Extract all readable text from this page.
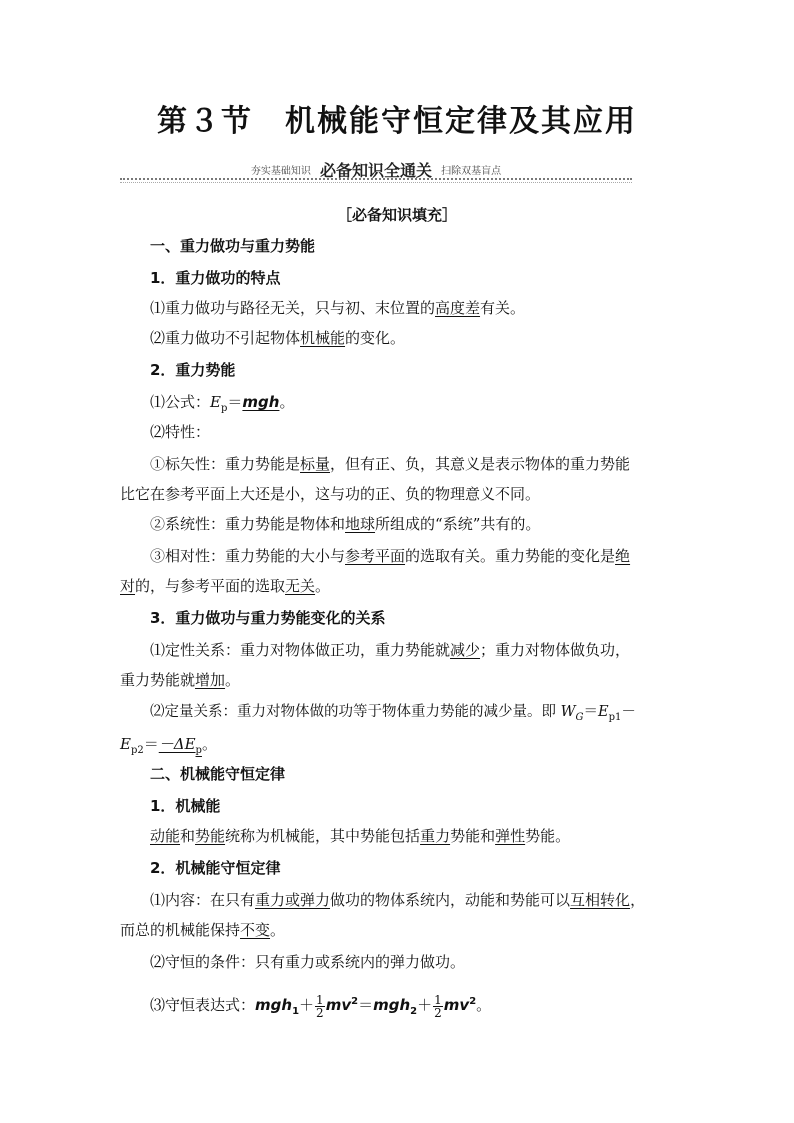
第３节　机械能守恒定律及其应用
夯实基础知识 必备知识全通关 扫除双基盲点
［必备知识填充］
一、重力做功与重力势能
1．重力做功的特点
⑴重力做功与路径无关，只与初、末位置的高度差有关。
⑵重力做功不引起物体机械能的变化。
2．重力势能
⑴公式：$E_p=mgh$。
⑵特性：
①标矢性：重力势能是标量，但有正、负，其意义是表示物体的重力势能
比它在参考平面上大还是小，这与功的正、负的物理意义不同。
②系统性：重力势能是物体和地球所组成的“系统”共有的。
③相对性：重力势能的大小与参考平面的选取有关。重力势能的变化是绝
对的，与参考平面的选取无关。
3．重力做功与重力势能变化的关系
⑴定性关系：重力对物体做正功，重力势能就减少；重力对物体做负功，
重力势能就增加。
⑵定量关系：重力对物体做的功等于物体重力势能的减少量。即 $W_G=E_{p1}-$
$E_{p2}=-\Delta E_p$。
二、机械能守恒定律
1．机械能
动能和势能统称为机械能，其中势能包括重力势能和弹性势能。
2．机械能守恒定律
⑴内容：在只有重力或弹力做功的物体系统内，动能和势能可以互相转化，
而总的机械能保持不变。
⑵守恒的条件：只有重力或系统内的弹力做功。
⑶守恒表达式：$mgh_1+ \frac{1}{2} mv^2=mgh_2+ \frac{1}{2} mv^2$。
